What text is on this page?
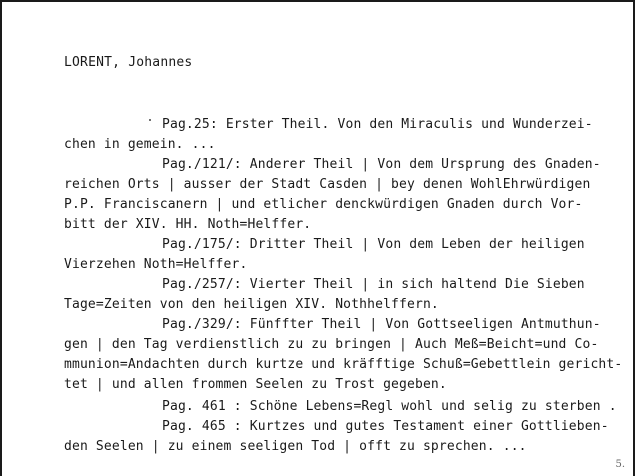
LORENT, Johannes
Pag.25: Erster Theil. Von den Miraculis und Wunderzei-
chen in gemein. ...
Pag./121/: Anderer Theil | Von dem Ursprung des Gnaden-
reichen Orts | ausser der Stadt Casden | bey denen WohlEhrwürdigen
P.P. Franciscanern | und etlicher denckwürdigen Gnaden durch Vor-
bitt der XIV. HH. Noth=Helffer.
Pag./175/: Dritter Theil | Von dem Leben der heiligen
Vierzehen Noth=Helffer.
Pag./257/: Vierter Theil | in sich haltend Die Sieben
Tage=Zeiten von den heiligen XIV. Nothhelffern.
Pag./329/: Fünffter Theil | Von Gottseeligen Antmuthun-
gen | den Tag verdienstlich zu zu bringen | Auch Meß=Beicht=und Co-
mmunion=Andachten durch kurtze und kräfftige Schuß=Gebettlein gericht-
tet | und allen frommen Seelen zu Trost gegeben.
Pag. 461 : Schöne Lebens=Regl wohl und selig zu sterben .
Pag. 465 : Kurtzes und gutes Testament einer Gottlieben-
den Seelen | zu einem seeligen Tod | offt zu sprechen. ...
5.
